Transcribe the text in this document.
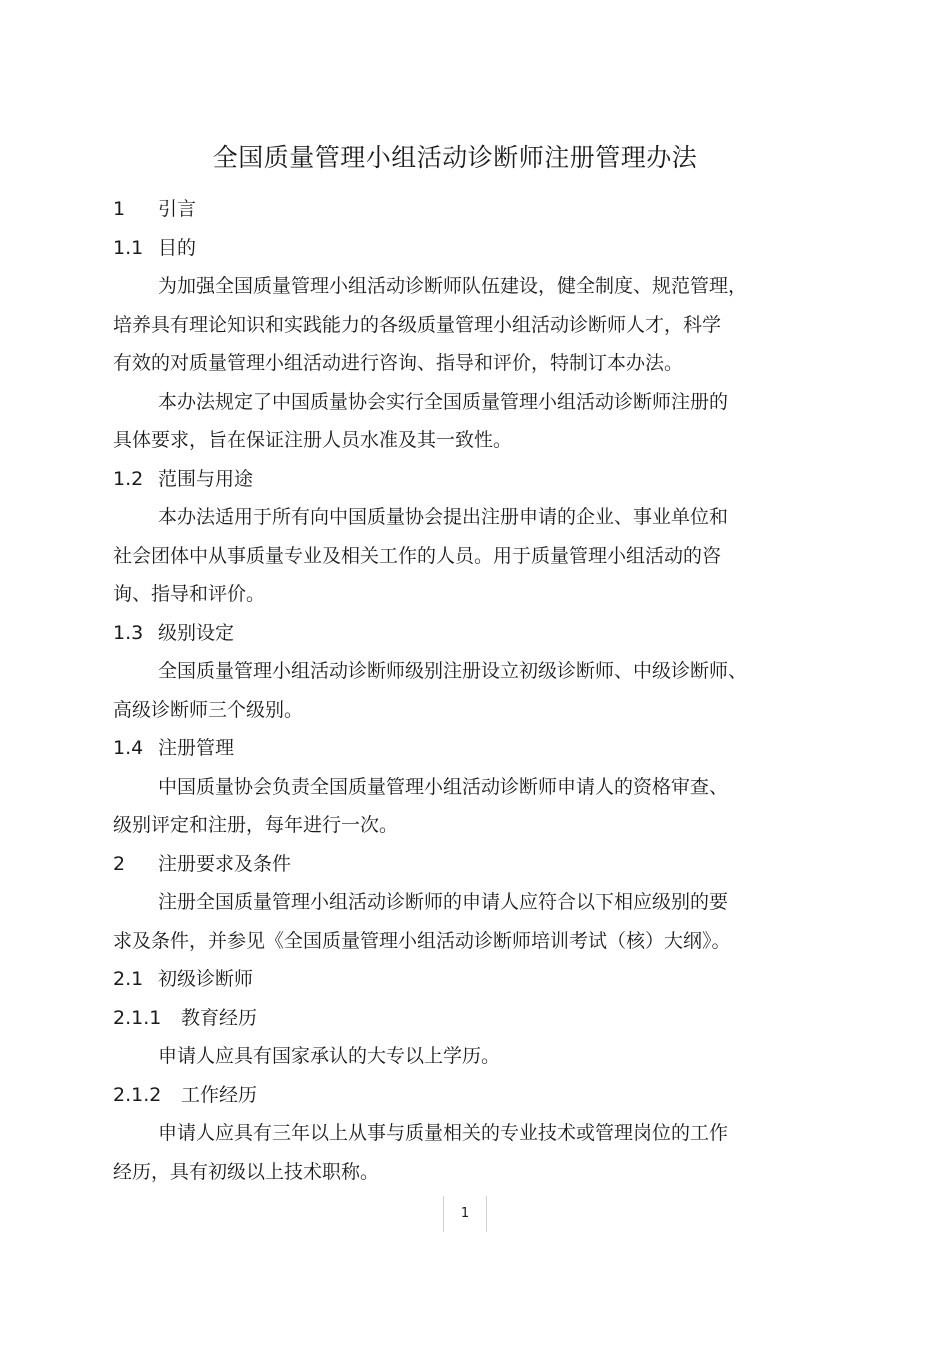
全国质量管理小组活动诊断师注册管理办法
1 引言
1.1 目的
为加强全国质量管理小组活动诊断师队伍建设，健全制度、规范管理，
培养具有理论知识和实践能力的各级质量管理小组活动诊断师人才，科学
有效的对质量管理小组活动进行咨询、指导和评价，特制订本办法。
本办法规定了中国质量协会实行全国质量管理小组活动诊断师注册的
具体要求，旨在保证注册人员水准及其一致性。
1.2 范围与用途
本办法适用于所有向中国质量协会提出注册申请的企业、事业单位和
社会团体中从事质量专业及相关工作的人员。用于质量管理小组活动的咨
询、指导和评价。
1.3 级别设定
全国质量管理小组活动诊断师级别注册设立初级诊断师、中级诊断师、
高级诊断师三个级别。
1.4 注册管理
中国质量协会负责全国质量管理小组活动诊断师申请人的资格审查、
级别评定和注册，每年进行一次。
2 注册要求及条件
注册全国质量管理小组活动诊断师的申请人应符合以下相应级别的要
求及条件，并参见《全国质量管理小组活动诊断师培训考试（核）大纲》。
2.1 初级诊断师
2.1.1 教育经历
申请人应具有国家承认的大专以上学历。
2.1.2 工作经历
申请人应具有三年以上从事与质量相关的专业技术或管理岗位的工作
经历，具有初级以上技术职称。
1
